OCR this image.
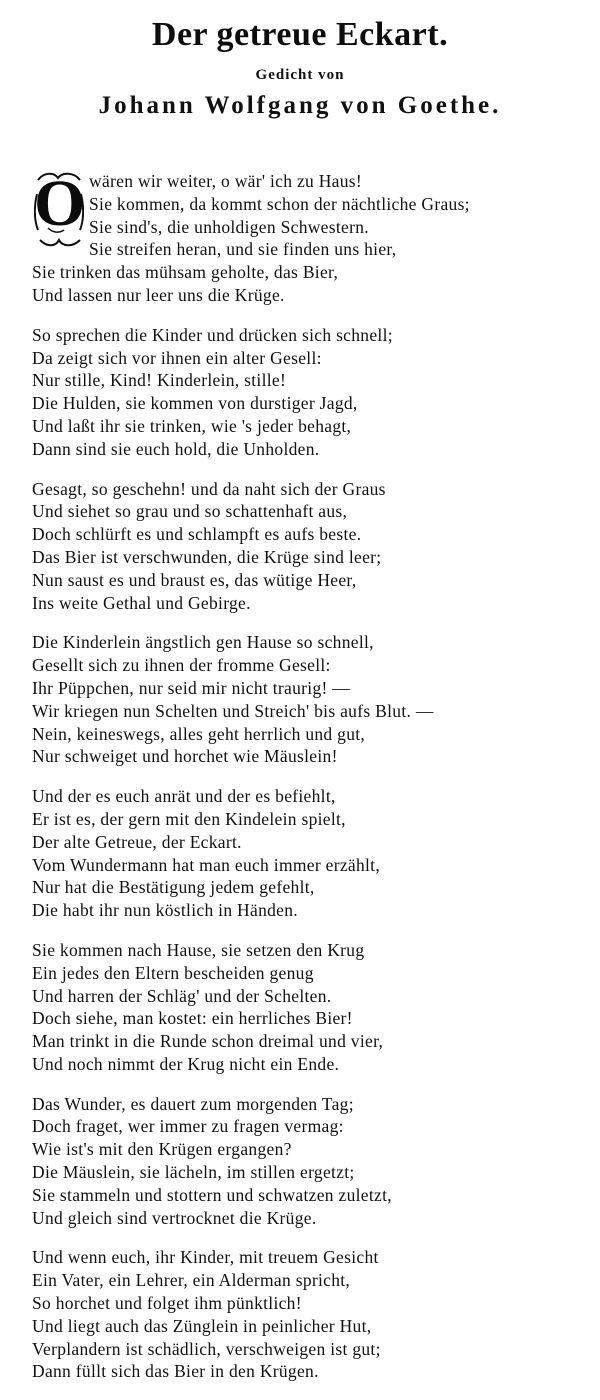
Der getreue Eckart.
Gedicht von
Johann Wolfgang von Goethe.
O wären wir weiter, o wär' ich zu Haus!
Sie kommen, da kommt schon der nächtliche Graus;
Sie sind's, die unholdigen Schwestern.
Sie streifen heran, und sie finden uns hier,
Sie trinken das mühsam geholte, das Bier,
Und lassen nur leer uns die Krüge.
So sprechen die Kinder und drücken sich schnell;
Da zeigt sich vor ihnen ein alter Gesell:
Nur stille, Kind! Kinderlein, stille!
Die Hulden, sie kommen von durstiger Jagd,
Und laßt ihr sie trinken, wie 's jeder behagt,
Dann sind sie euch hold, die Unholden.
Gesagt, so geschehn! und da naht sich der Graus
Und siehet so grau und so schattenhaft aus,
Doch schlürft es und schlampft es aufs beste.
Das Bier ist verschwunden, die Krüge sind leer;
Nun saust es und braust es, das wütige Heer,
Ins weite Gethal und Gebirge.
Die Kinderlein ängstlich gen Hause so schnell,
Gesellt sich zu ihnen der fromme Gesell:
Ihr Püppchen, nur seid mir nicht traurig! —
Wir kriegen nun Schelten und Streich' bis aufs Blut. —
Nein, keineswegs, alles geht herrlich und gut,
Nur schweiget und horchet wie Mäuslein!
Und der es euch anrät und der es befiehlt,
Er ist es, der gern mit den Kindelein spielt,
Der alte Getreue, der Eckart.
Vom Wundermann hat man euch immer erzählt,
Nur hat die Bestätigung jedem gefehlt,
Die habt ihr nun köstlich in Händen.
Sie kommen nach Hause, sie setzen den Krug
Ein jedes den Eltern bescheiden genug
Und harren der Schläg' und der Schelten.
Doch siehe, man kostet: ein herrliches Bier!
Man trinkt in die Runde schon dreimal und vier,
Und noch nimmt der Krug nicht ein Ende.
Das Wunder, es dauert zum morgenden Tag;
Doch fraget, wer immer zu fragen vermag:
Wie ist's mit den Krügen ergangen?
Die Mäuslein, sie lächeln, im stillen ergetzt;
Sie stammeln und stottern und schwatzen zuletzt,
Und gleich sind vertrocknet die Krüge.
Und wenn euch, ihr Kinder, mit treuem Gesicht
Ein Vater, ein Lehrer, ein Alderman spricht,
So horchet und folget ihm pünktlich!
Und liegt auch das Zünglein in peinlicher Hut,
Verplandern ist schädlich, verschweigen ist gut;
Dann füllt sich das Bier in den Krügen.
